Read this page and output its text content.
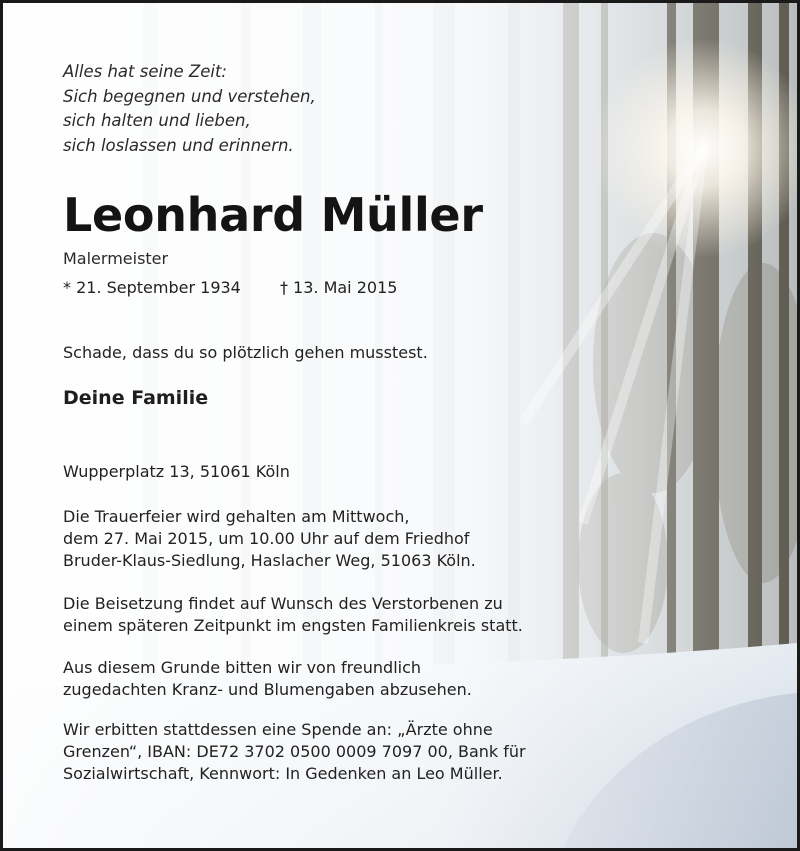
Alles hat seine Zeit:
Sich begegnen und verstehen,
sich halten und lieben,
sich loslassen und erinnern.

Leonhard Müller
Malermeister
* 21. September 1934 † 13. Mai 2015

Schade, dass du so plötzlich gehen musstest.

Deine Familie

Wupperplatz 13, 51061 Köln

Die Trauerfeier wird gehalten am Mittwoch,
dem 27. Mai 2015, um 10.00 Uhr auf dem Friedhof
Bruder-Klaus-Siedlung, Haslacher Weg, 51063 Köln.

Die Beisetzung findet auf Wunsch des Verstorbenen zu
einem späteren Zeitpunkt im engsten Familienkreis statt.

Aus diesem Grunde bitten wir von freundlich
zugedachten Kranz- und Blumengaben abzusehen.

Wir erbitten stattdessen eine Spende an: „Ärzte ohne
Grenzen“, IBAN: DE72 3702 0500 0009 7097 00, Bank für
Sozialwirtschaft, Kennwort: In Gedenken an Leo Müller.
